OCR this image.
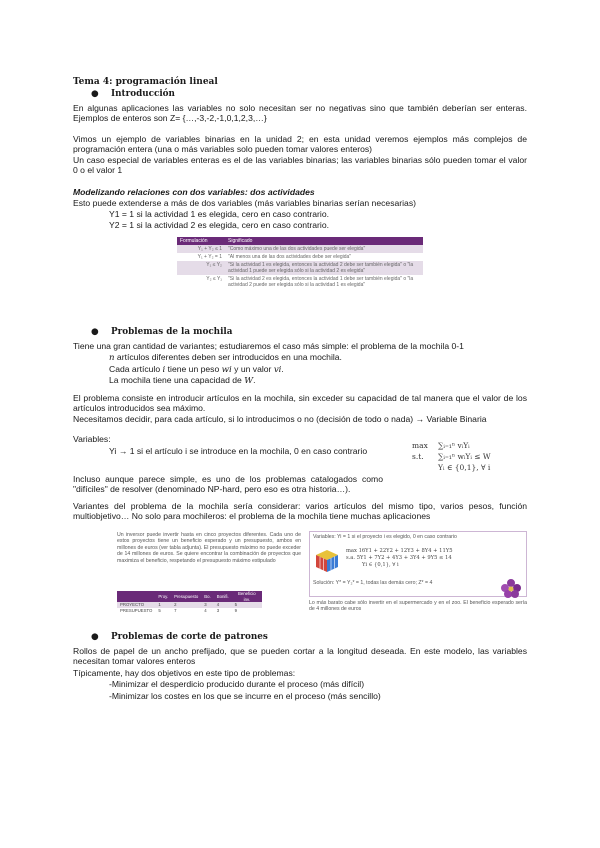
Tema 4: programación lineal
● Introducción
En algunas aplicaciones las variables no solo necesitan ser no negativas sino que también deberían ser enteras. Ejemplos de enteros son Z= {…,-3,-2,-1,0,1,2,3,…}
Vimos un ejemplo de variables binarias en la unidad 2; en esta unidad veremos ejemplos más complejos de programación entera (una o más variables solo pueden tomar valores enteros)
Un caso especial de variables enteras es el de las variables binarias; las variables binarias sólo pueden tomar el valor 0 o el valor 1
Modelizando relaciones con dos variables: dos actividades
Esto puede extenderse a más de dos variables (más variables binarias serían necesarias)
Y1 = 1 si la actividad 1 es elegida, cero en caso contrario.
Y2 = 1 si la actividad 2 es elegida, cero en caso contrario.
Formulación	Significado
Y₁ + Y₂ ≤ 1	"Como máximo una de las dos actividades puede ser elegida"
Y₁ + Y₂ = 1	"Al menos una de las dos actividades debe ser elegida"
Y₁ ≤ Y₂	"Si la actividad 1 es elegida, entonces la actividad 2 debe ser también elegida" o "la actividad 1 puede ser elegida sólo si la actividad 2 es elegida"
Y₂ ≤ Y₁	"Si la actividad 2 es elegida, entonces la actividad 1 debe ser también elegida" o "la actividad 2 puede ser elegida sólo si la actividad 1 es elegida"
● Problemas de la mochila
Tiene una gran cantidad de variantes; estudiaremos el caso más simple: el problema de la mochila 0-1
n artículos diferentes deben ser introducidos en una mochila.
Cada artículo i tiene un peso wi y un valor vi.
La mochila tiene una capacidad de W.
El problema consiste en introducir artículos en la mochila, sin exceder su capacidad de tal manera que el valor de los artículos introducidos sea máximo.
Necesitamos decidir, para cada artículo, si lo introducimos o no (decisión de todo o nada) → Variable Binaria
Variables:
Yi → 1 si el artículo i se introduce en la mochila, 0 en caso contrario
max ∑ᵢ₌₁ⁿ vᵢYᵢ
s.t. ∑ᵢ₌₁ⁿ wᵢYᵢ ≤ W
Yᵢ ∈ {0,1}, ∀ i
Incluso aunque parece simple, es uno de los problemas catalogados como "difíciles" de resolver (denominado NP-hard, pero eso es otra historia…).
Variantes del problema de la mochila sería considerar: varios artículos del mismo tipo, varios pesos, función multiobjetivo… No solo para mochileros: el problema de la mochila tiene muchas aplicaciones
Un inversor puede invertir hasta en cinco proyectos diferentes. Cada uno de estos proyectos tiene un beneficio esperado y un presupuesto, ambos en millones de euros (ver tabla adjunta). El presupuesto máximo no puede exceder de 14 millones de euros. Se quiere encontrar la combinación de proyectos que maximiza el beneficio, respetando el presupuesto máximo estipulado
	Proy.	Presupuesto	Bo.	Bonifi.	Beneficio inv.
PROYECTO	1	2	3	4	5
PRESUPUESTO	5	7	4	3	9
Variables: Yi = 1 si el proyecto i es elegido, 0 en caso contrario
max 16Y1 + 22Y2 + 12Y3 + 8Y4 + 11Y5
s.a. 5Y1 + 7Y2 + 4Y3 + 3Y4 + 9Y5 ≤ 14
Yi ∈ {0,1}, ∀ i
Solución: Y* = Y₂* = 1, todas las demás cero; Z* = 4
Lo más barato cabe sólo invertir en el supermercado y en el zoo. El beneficio esperado sería de 4 millones de euros
● Problemas de corte de patrones
Rollos de papel de un ancho prefijado, que se pueden cortar a la longitud deseada. En este modelo, las variables necesitan tomar valores enteros
Típicamente, hay dos objetivos en este tipo de problemas:
-Minimizar el desperdicio producido durante el proceso (más difícil)
-Minimizar los costes en los que se incurre en el proceso (más sencillo)
